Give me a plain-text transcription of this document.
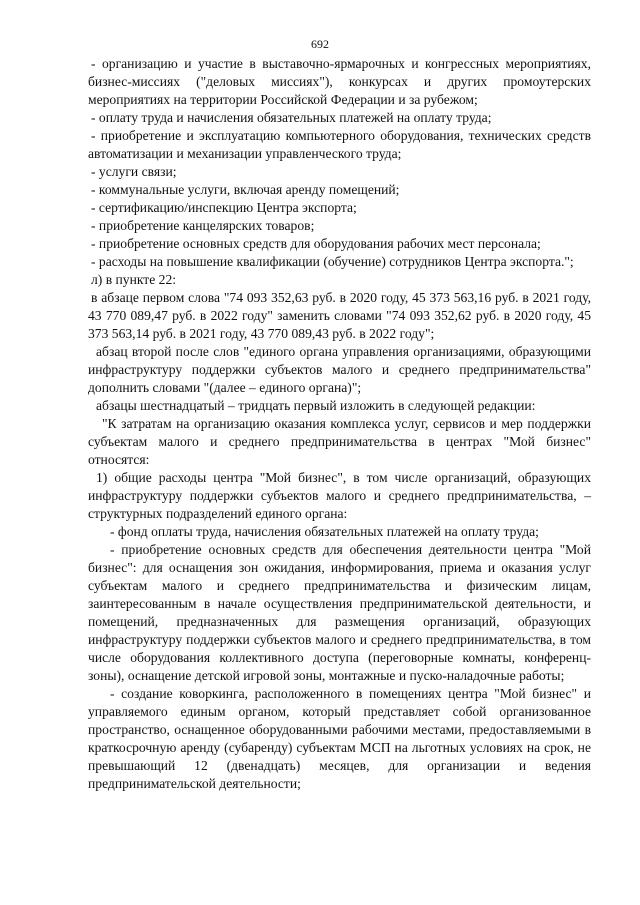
692

- организацию и участие в выставочно-ярмарочных и конгрессных мероприятиях, бизнес-миссиях ("деловых миссиях"), конкурсах и других промоутерских мероприятиях на территории Российской Федерации и за рубежом;

- оплату труда и начисления обязательных платежей на оплату труда;

- приобретение и эксплуатацию компьютерного оборудования, технических средств автоматизации и механизации управленческого труда;

- услуги связи;

- коммунальные услуги, включая аренду помещений;

- сертификацию/инспекцию Центра экспорта;

- приобретение канцелярских товаров;

- приобретение основных средств для оборудования рабочих мест персонала;

- расходы на повышение квалификации (обучение) сотрудников Центра экспорта.";

л) в пункте 22:

в абзаце первом слова "74 093 352,63 руб. в 2020 году, 45 373 563,16 руб. в 2021 году, 43 770 089,47 руб. в 2022 году" заменить словами "74 093 352,62 руб. в 2020 году, 45 373 563,14 руб. в 2021 году, 43 770 089,43 руб. в 2022 году";

абзац второй после слов "единого органа управления организациями, образующими инфраструктуру поддержки субъектов малого и среднего предпринимательства" дополнить словами "(далее – единого органа)";

абзацы шестнадцатый – тридцать первый изложить в следующей редакции:

"К затратам на организацию оказания комплекса услуг, сервисов и мер поддержки субъектам малого и среднего предпринимательства в центрах "Мой бизнес" относятся:

1) общие расходы центра "Мой бизнес", в том числе организаций, образующих инфраструктуру поддержки субъектов малого и среднего предпринимательства, – структурных подразделений единого органа:

- фонд оплаты труда, начисления обязательных платежей на оплату труда;

- приобретение основных средств для обеспечения деятельности центра "Мой бизнес": для оснащения зон ожидания, информирования, приема и оказания услуг субъектам малого и среднего предпринимательства и физическим лицам, заинтересованным в начале осуществления предпринимательской деятельности, и помещений, предназначенных для размещения организаций, образующих инфраструктуру поддержки субъектов малого и среднего предпринимательства, в том числе оборудования коллективного доступа (переговорные комнаты, конференц-зоны), оснащение детской игровой зоны, монтажные и пуско-наладочные работы;

- создание коворкинга, расположенного в помещениях центра "Мой бизнес" и управляемого единым органом, который представляет собой организованное пространство, оснащенное оборудованными рабочими местами, предоставляемыми в краткосрочную аренду (субаренду) субъектам МСП на льготных условиях на срок, не превышающий 12 (двенадцать) месяцев, для организации и ведения предпринимательской деятельности;
